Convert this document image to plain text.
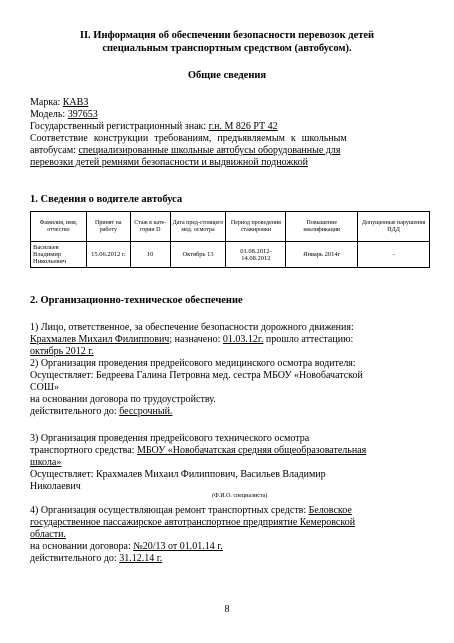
II. Информация об обеспечении безопасности перевозок детей
специальным транспортным средством (автобусом).
Общие сведения
Марка: КАВЗ
Модель: 397653
Государственный регистрационный знак: г.н. М 826 РТ 42
Соответствие конструкции требованиям, предъявляемым к школьным
автобусам: специализированные школьные автобусы оборудованные для
перевозки детей ремнями безопасности и выдвижной подножкой
1. Сведения о водителе автобуса
Фамилия, имя, отчество	Принят на работу	Стаж в кате-гории D	Дата пред-стоящего мед. осмотра	Период проведения стажировки	Повышение квалификации	Допущенные нарушения ПДД
Васильев Владимир Никольевич	15.06.2012 г.	10	Октябрь 13	01.08.2012-14.08.2012	Январь 2014г	-
2. Организационно-техническое обеспечение
1) Лицо, ответственное, за обеспечение безопасности дорожного движения:
Крахмалев Михаил Филиппович; назначено: 01.03.12г. прошло аттестацию:
октябрь 2012 г.
2) Организация проведения предрейсового медицинского осмотра водителя:
Осуществляет: Бедреева Галина Петровна мед. сестра МБОУ «Новобачатской
СОШ»
на основании договора по трудоустройству.
действительного до: бессрочный.
3) Организация проведения предрейсового технического осмотра
транспортного средства: МБОУ «Новобачатская средняя общеобразовательная
школа»
Осуществляет: Крахмалев Михаил Филиппович, Васильев Владимир
Николаевич
(Ф.И.О. специалиста)
4) Организация осуществляющая ремонт транспортных средств: Беловское
государственное пассажирское автотранспортное предприятие Кемеровской
области.
на основании договора: №20/13 от 01.01.14 г.
действительного до: 31.12.14 г.
8
